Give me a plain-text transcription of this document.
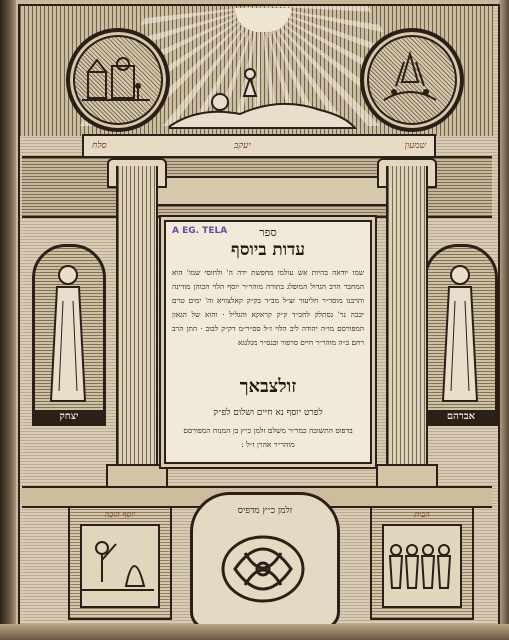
סלח	יעקב	שמעון
יצחק	אברהם
A EG. TELA	ספר
עדות ביוסף
שמו יודאה בהיות אש עולמו מחפשת ידה ה' ולחוסי שמו' הוא המחבר הרב הגדול המופלג בתורה מוהר״ר יוסף הלוי הכוהן מודינה והרבנו מוסר״ר חליעזר זצ״ל מב״ד בק״ק קאלצוויא וה' ימים טרם יכבה נר' נסתלק לחכ״ד ק״ק קראקא והגליל · והוא של הגאון המפורסם מו״ה יהודה ליב הלוי ז״ל סס״ר״מ דק״ק לבוב · התן הרב רחם ב״ה מוהר״ר חיים סרפור ובנס״ר מנלנגא
זולצבאך
לפרט יוסף נא חיים ושלום לפ״ק
בדפוס התשובה כמר״ר משלם זלמן כ״ץ בן המנוח המפורסם מוהר״ר אהרן ז״ל :
יוסף הוכה	הבית
זלמן כ״ץ מדפיס
